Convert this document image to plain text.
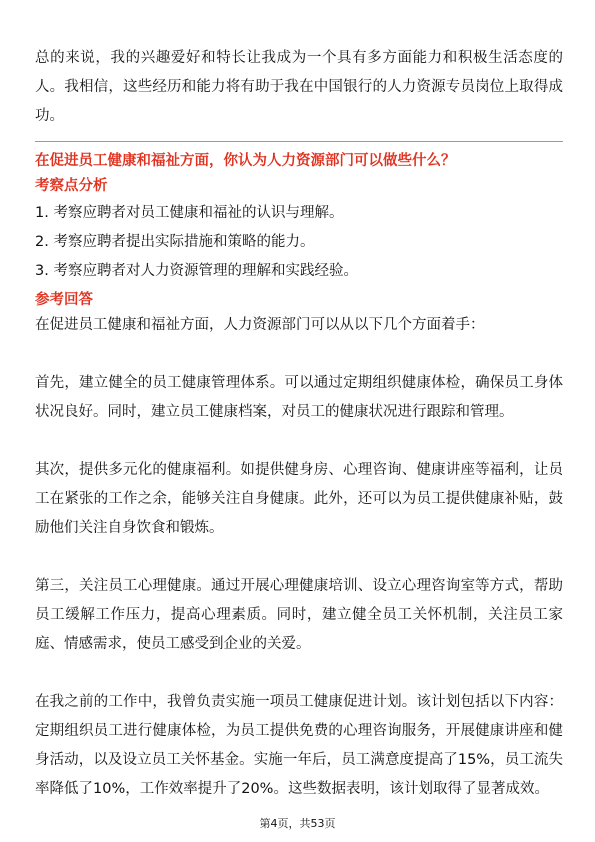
总的来说，我的兴趣爱好和特长让我成为一个具有多方面能力和积极生活态度的人。我相信，这些经历和能力将有助于我在中国银行的人力资源专员岗位上取得成功。

在促进员工健康和福祉方面，你认为人力资源部门可以做些什么？

考察点分析

1. 考察应聘者对员工健康和福祉的认识与理解。
2. 考察应聘者提出实际措施和策略的能力。
3. 考察应聘者对人力资源管理的理解和实践经验。

参考回答

在促进员工健康和福祉方面，人力资源部门可以从以下几个方面着手：

首先，建立健全的员工健康管理体系。可以通过定期组织健康体检，确保员工身体状况良好。同时，建立员工健康档案，对员工的健康状况进行跟踪和管理。

其次，提供多元化的健康福利。如提供健身房、心理咨询、健康讲座等福利，让员工在紧张的工作之余，能够关注自身健康。此外，还可以为员工提供健康补贴，鼓励他们关注自身饮食和锻炼。

第三，关注员工心理健康。通过开展心理健康培训、设立心理咨询室等方式，帮助员工缓解工作压力，提高心理素质。同时，建立健全员工关怀机制，关注员工家庭、情感需求，使员工感受到企业的关爱。

在我之前的工作中，我曾负责实施一项员工健康促进计划。该计划包括以下内容：定期组织员工进行健康体检，为员工提供免费的心理咨询服务，开展健康讲座和健身活动，以及设立员工关怀基金。实施一年后，员工满意度提高了15%，员工流失率降低了10%，工作效率提升了20%。这些数据表明，该计划取得了显著成效。

第4页，共53页
